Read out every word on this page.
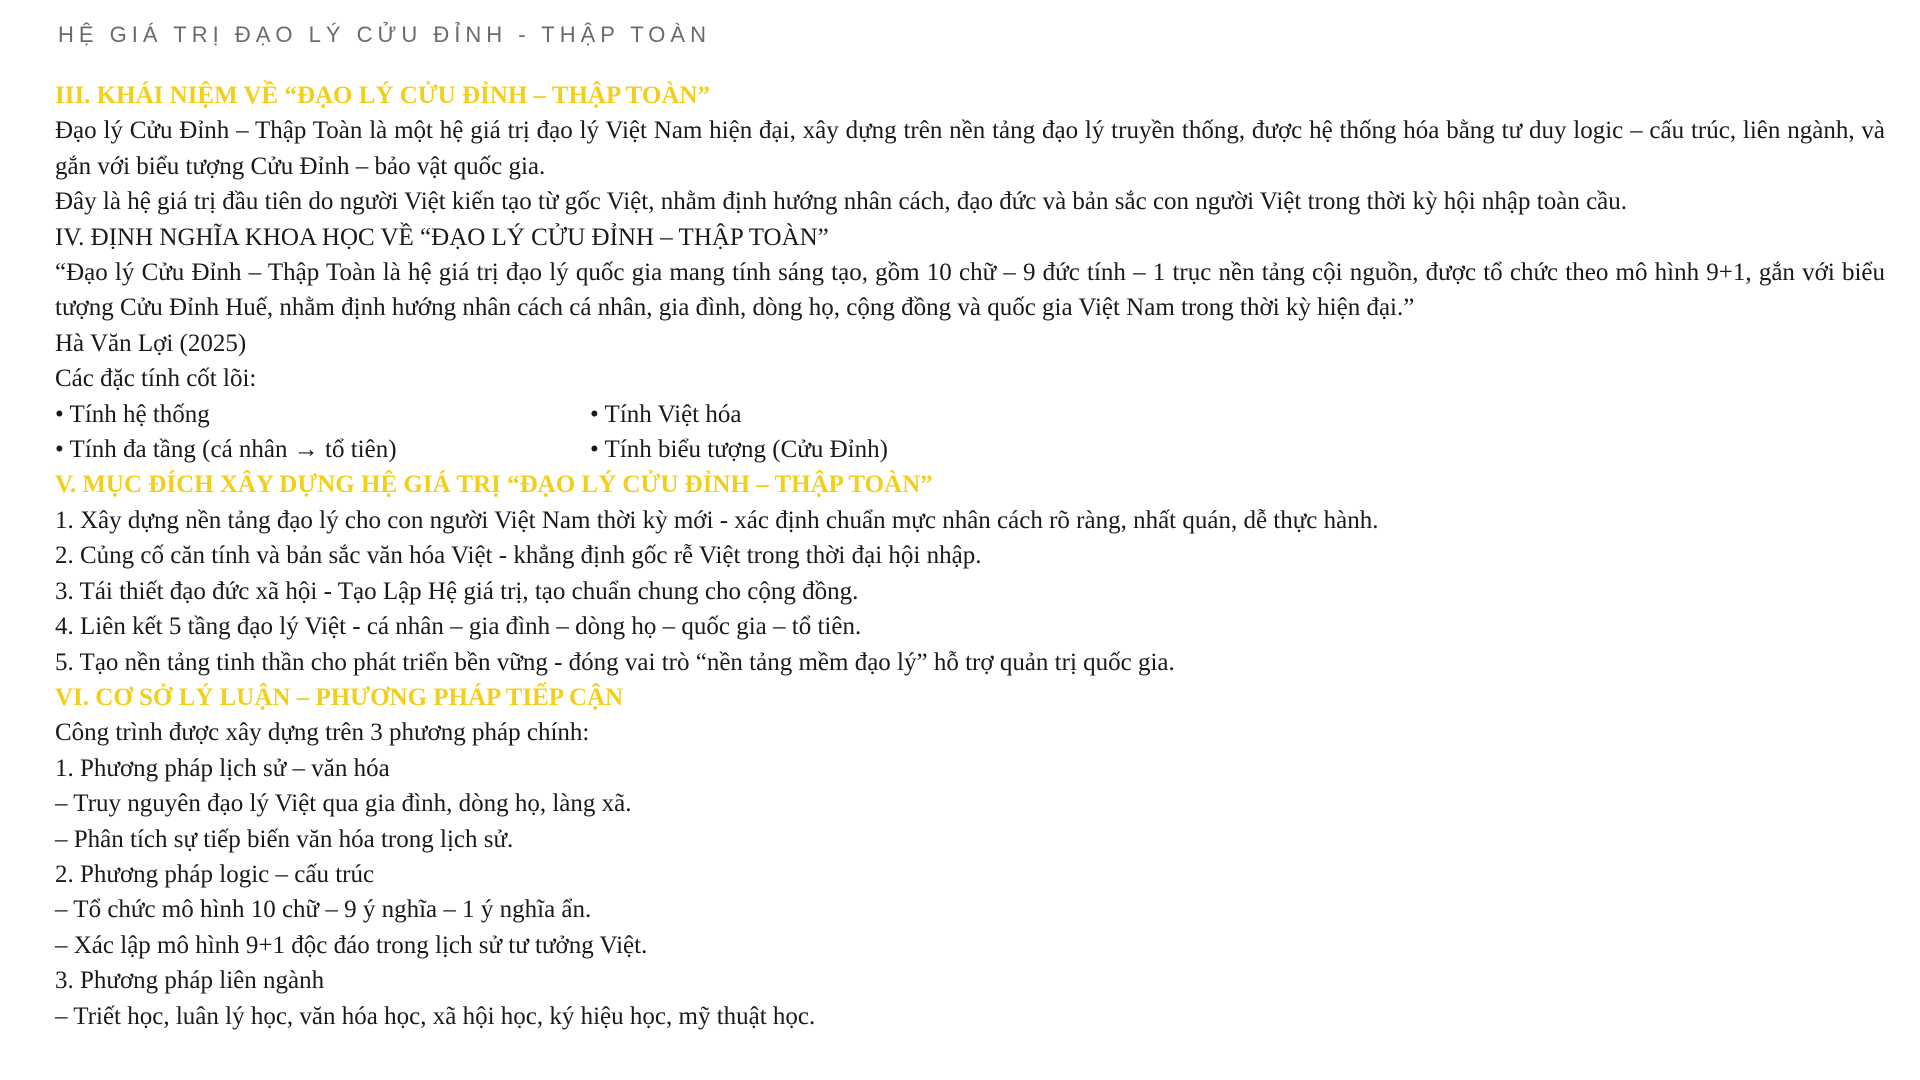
HỆ GIÁ TRỊ ĐẠO LÝ CỬU ĐỈNH - THẬP TOÀN
III. KHÁI NIỆM VỀ “ĐẠO LÝ CỬU ĐỈNH – THẬP TOÀN”
Đạo lý Cửu Đỉnh – Thập Toàn là một hệ giá trị đạo lý Việt Nam hiện đại, xây dựng trên nền tảng đạo lý truyền thống, được hệ thống hóa bằng tư duy logic – cấu trúc, liên ngành, và gắn với biểu tượng Cửu Đỉnh – bảo vật quốc gia.
Đây là hệ giá trị đầu tiên do người Việt kiến tạo từ gốc Việt, nhằm định hướng nhân cách, đạo đức và bản sắc con người Việt trong thời kỳ hội nhập toàn cầu.
IV. ĐỊNH NGHĨA KHOA HỌC VỀ “ĐẠO LÝ CỬU ĐỈNH – THẬP TOÀN”
“Đạo lý Cửu Đỉnh – Thập Toàn là hệ giá trị đạo lý quốc gia mang tính sáng tạo, gồm 10 chữ – 9 đức tính – 1 trục nền tảng cội nguồn, được tổ chức theo mô hình 9+1, gắn với biểu tượng Cửu Đỉnh Huế, nhằm định hướng nhân cách cá nhân, gia đình, dòng họ, cộng đồng và quốc gia Việt Nam trong thời kỳ hiện đại.”
Hà Văn Lợi (2025)
Các đặc tính cốt lõi:
• Tính hệ thống	• Tính Việt hóa
• Tính đa tầng (cá nhân → tổ tiên)	• Tính biểu tượng (Cửu Đỉnh)
V. MỤC ĐÍCH XÂY DỰNG HỆ GIÁ TRỊ “ĐẠO LÝ CỬU ĐỈNH – THẬP TOÀN”
1. Xây dựng nền tảng đạo lý cho con người Việt Nam thời kỳ mới - xác định chuẩn mực nhân cách rõ ràng, nhất quán, dễ thực hành.
2. Củng cố căn tính và bản sắc văn hóa Việt - khẳng định gốc rễ Việt trong thời đại hội nhập.
3. Tái thiết đạo đức xã hội - Tạo Lập Hệ giá trị, tạo chuẩn chung cho cộng đồng.
4. Liên kết 5 tầng đạo lý Việt - cá nhân – gia đình – dòng họ – quốc gia – tổ tiên.
5. Tạo nền tảng tinh thần cho phát triển bền vững - đóng vai trò “nền tảng mềm đạo lý” hỗ trợ quản trị quốc gia.
VI. CƠ SỞ LÝ LUẬN – PHƯƠNG PHÁP TIẾP CẬN
Công trình được xây dựng trên 3 phương pháp chính:
1. Phương pháp lịch sử – văn hóa
– Truy nguyên đạo lý Việt qua gia đình, dòng họ, làng xã.
– Phân tích sự tiếp biến văn hóa trong lịch sử.
2. Phương pháp logic – cấu trúc
– Tổ chức mô hình 10 chữ – 9 ý nghĩa – 1 ý nghĩa ẩn.
– Xác lập mô hình 9+1 độc đáo trong lịch sử tư tưởng Việt.
3. Phương pháp liên ngành
– Triết học, luân lý học, văn hóa học, xã hội học, ký hiệu học, mỹ thuật học.
